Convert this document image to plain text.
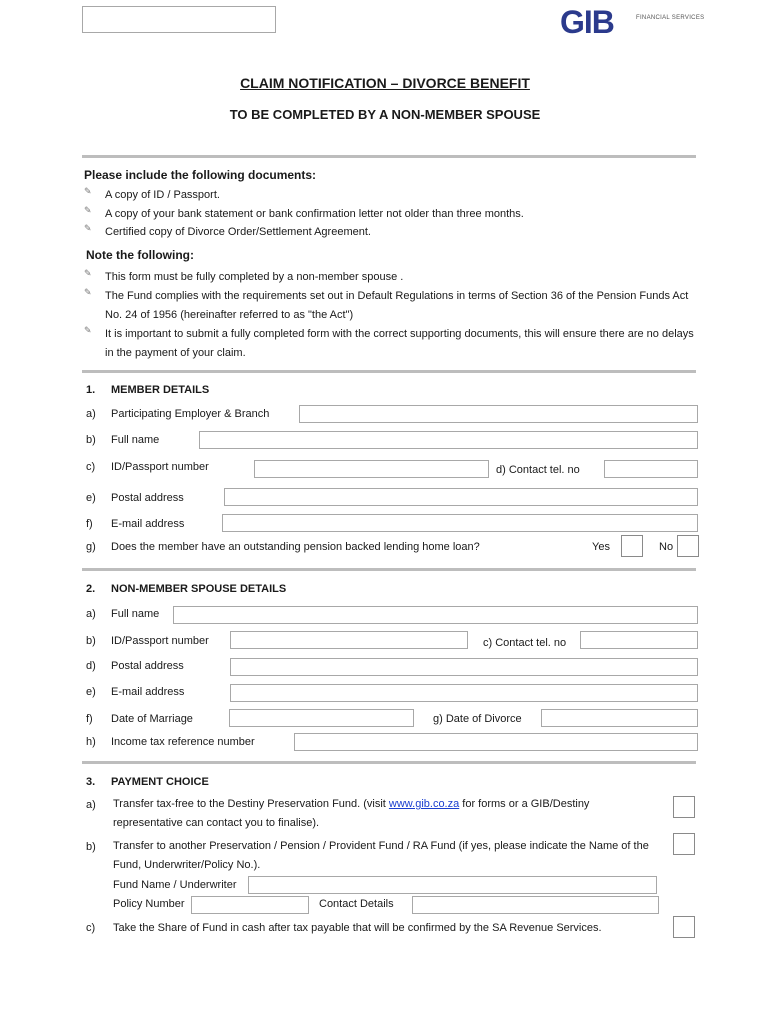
GIB	FINANCIAL SERVICES
CLAIM NOTIFICATION – DIVORCE BENEFIT
TO BE COMPLETED BY A NON-MEMBER SPOUSE
Please include the following documents:
✎ A copy of ID / Passport.
✎ A copy of your bank statement or bank confirmation letter not older than three months.
✎ Certified copy of Divorce Order/Settlement Agreement.
Note the following:
✎ This form must be fully completed by a non-member spouse .
✎ The Fund complies with the requirements set out in Default Regulations in terms of Section 36 of the Pension Funds Act No. 24 of 1956 (hereinafter referred to as "the Act")
✎ It is important to submit a fully completed form with the correct supporting documents, this will ensure there are no delays in the payment of your claim.
1. MEMBER DETAILS
a) Participating Employer & Branch
b) Full name
c) ID/Passport number	d) Contact tel. no
e) Postal address
f) E-mail address
g) Does the member have an outstanding pension backed lending home loan?	Yes	No
2. NON-MEMBER SPOUSE DETAILS
a) Full name
b) ID/Passport number	c) Contact tel. no
d) Postal address
e) E-mail address
f) Date of Marriage	g) Date of Divorce
h) Income tax reference number
3. PAYMENT CHOICE
a) Transfer tax-free to the Destiny Preservation Fund. (visit www.gib.co.za for forms or a GIB/Destiny
representative can contact you to finalise).
b) Transfer to another Preservation / Pension / Provident Fund / RA Fund (if yes, please indicate the Name of the Fund, Underwriter/Policy No.).
Fund Name / Underwriter
Policy Number	Contact Details
c) Take the Share of Fund in cash after tax payable that will be confirmed by the SA Revenue Services.
